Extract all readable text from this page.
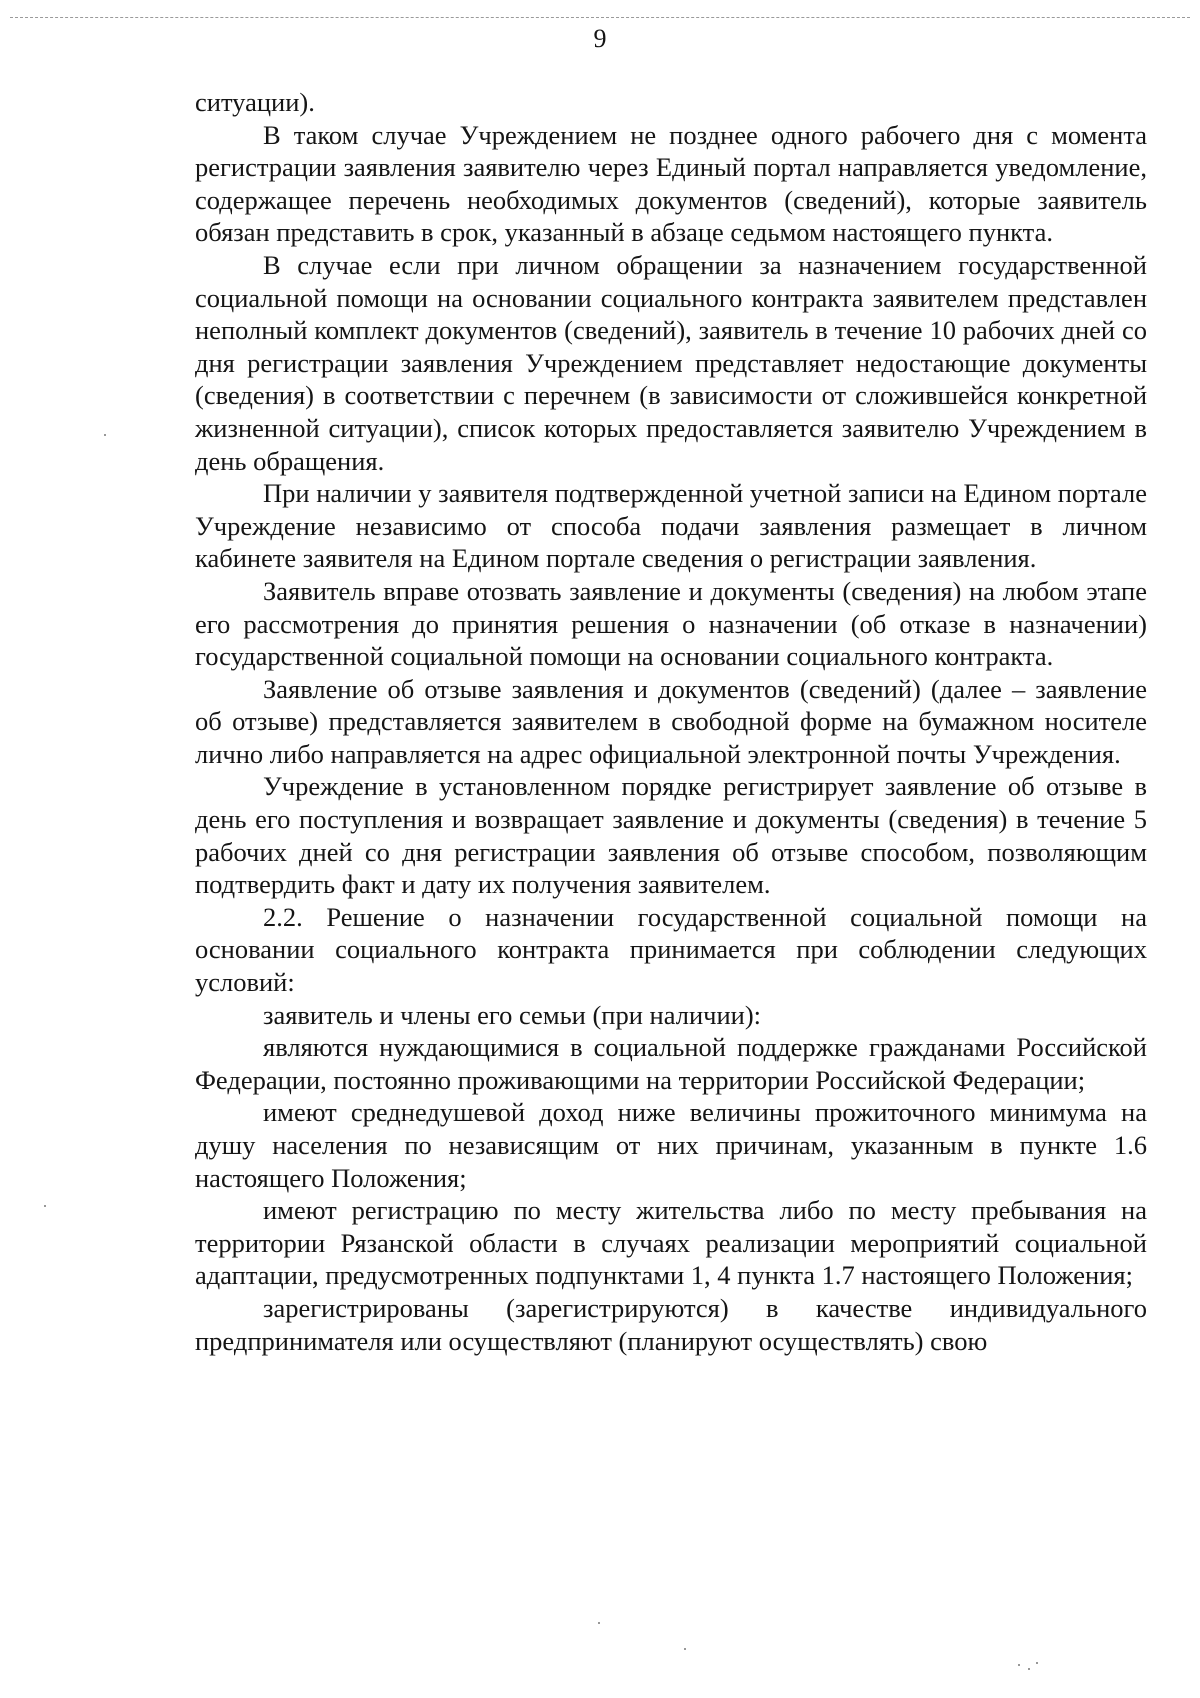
9

ситуации).

В таком случае Учреждением не позднее одного рабочего дня с момента регистрации заявления заявителю через Единый портал направляется уведомление, содержащее перечень необходимых документов (сведений), которые заявитель обязан представить в срок, указанный в абзаце седьмом настоящего пункта.

В случае если при личном обращении за назначением государственной социальной помощи на основании социального контракта заявителем представлен неполный комплект документов (сведений), заявитель в течение 10 рабочих дней со дня регистрации заявления Учреждением представляет недостающие документы (сведения) в соответствии с перечнем (в зависимости от сложившейся конкретной жизненной ситуации), список которых предоставляется заявителю Учреждением в день обращения.

При наличии у заявителя подтвержденной учетной записи на Едином портале Учреждение независимо от способа подачи заявления размещает в личном кабинете заявителя на Едином портале сведения о регистрации заявления.

Заявитель вправе отозвать заявление и документы (сведения) на любом этапе его рассмотрения до принятия решения о назначении (об отказе в назначении) государственной социальной помощи на основании социального контракта.

Заявление об отзыве заявления и документов (сведений) (далее – заявление об отзыве) представляется заявителем в свободной форме на бумажном носителе лично либо направляется на адрес официальной электронной почты Учреждения.

Учреждение в установленном порядке регистрирует заявление об отзыве в день его поступления и возвращает заявление и документы (сведения) в течение 5 рабочих дней со дня регистрации заявления об отзыве способом, позволяющим подтвердить факт и дату их получения заявителем.

2.2. Решение о назначении государственной социальной помощи на основании социального контракта принимается при соблюдении следующих условий:

заявитель и члены его семьи (при наличии):

являются нуждающимися в социальной поддержке гражданами Российской Федерации, постоянно проживающими на территории Российской Федерации;

имеют среднедушевой доход ниже величины прожиточного минимума на душу населения по независящим от них причинам, указанным в пункте 1.6 настоящего Положения;

имеют регистрацию по месту жительства либо по месту пребывания на территории Рязанской области в случаях реализации мероприятий социальной адаптации, предусмотренных подпунктами 1, 4 пункта 1.7 настоящего Положения;

зарегистрированы (зарегистрируются) в качестве индивидуального предпринимателя или осуществляют (планируют осуществлять) свою
